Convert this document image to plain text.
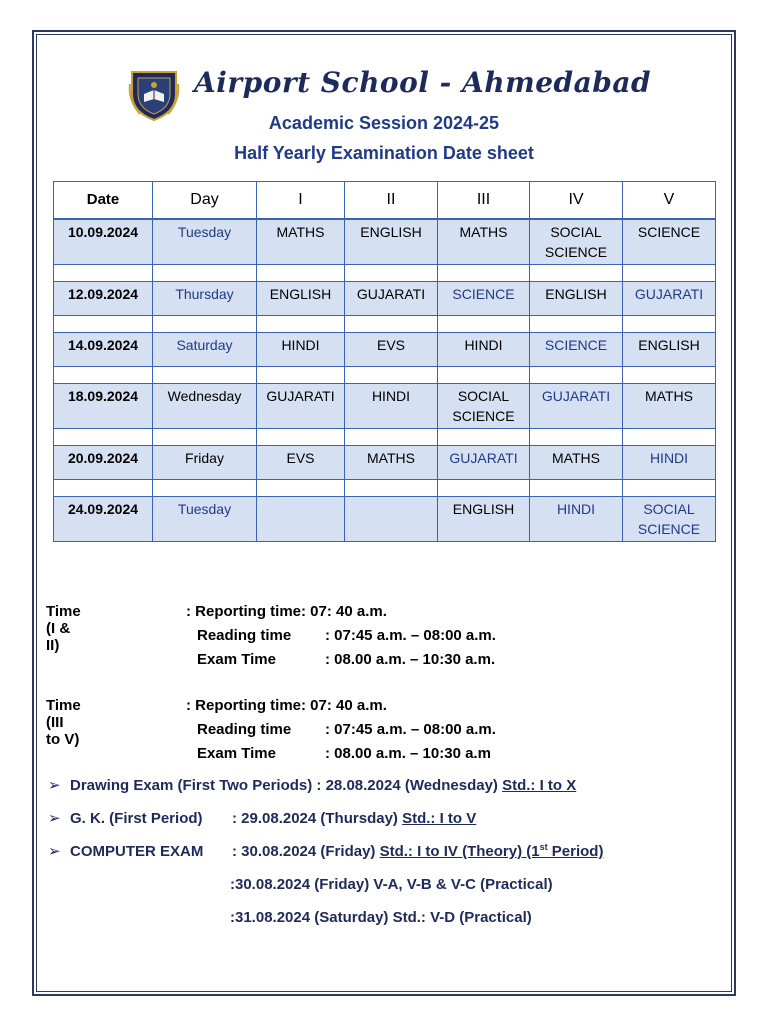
Airport School - Ahmedabad
Academic Session 2024-25
Half Yearly Examination Date sheet
Date	Day	I	II	III	IV	V
10.09.2024	Tuesday	MATHS	ENGLISH	MATHS	SOCIAL SCIENCE	SCIENCE

12.09.2024	Thursday	ENGLISH	GUJARATI	SCIENCE	ENGLISH	GUJARATI

14.09.2024	Saturday	HINDI	EVS	HINDI	SCIENCE	ENGLISH

18.09.2024	Wednesday	GUJARATI	HINDI	SOCIAL SCIENCE	GUJARATI	MATHS

20.09.2024	Friday	EVS	MATHS	GUJARATI	MATHS	HINDI

24.09.2024	Tuesday			ENGLISH	HINDI	SOCIAL SCIENCE
Time (I & II)
: Reporting time: 07: 40 a.m.
Reading time : 07:45 a.m. – 08:00 a.m.
Exam Time	: 08.00 a.m. – 10:30 a.m.
Time (III to V)
: Reporting time: 07: 40 a.m.
Reading time : 07:45 a.m. – 08:00 a.m.
Exam Time	: 08.00 a.m. – 10:30 a.m
➢ Drawing Exam (First Two Periods) : 28.08.2024 (Wednesday) Std.: I to X
➢ G. K. (First Period) : 29.08.2024 (Thursday) Std.: I to V
➢ COMPUTER EXAM : 30.08.2024 (Friday) Std.: I to IV (Theory) (1st Period)
:30.08.2024 (Friday) V-A, V-B & V-C (Practical)
:31.08.2024 (Saturday) Std.: V-D (Practical)
